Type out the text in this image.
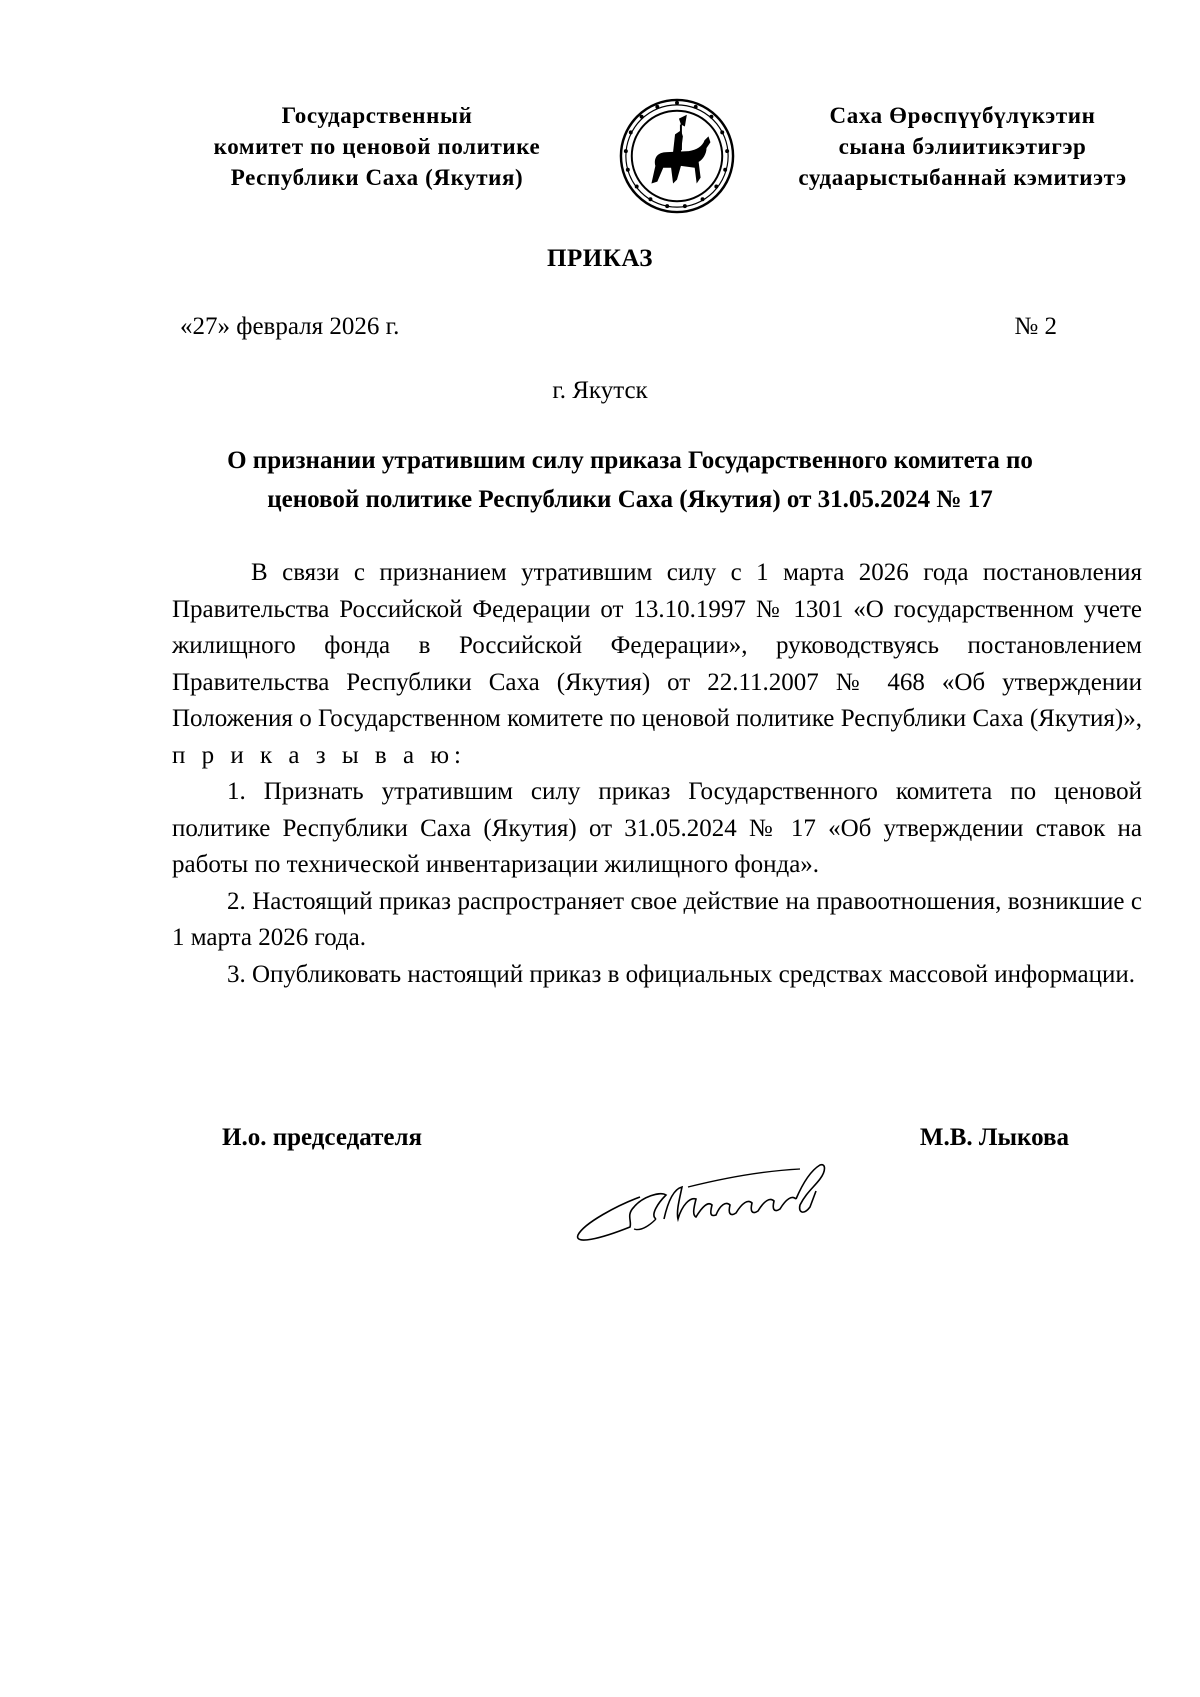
Государственный
комитет по ценовой политике
Республики Саха (Якутия)
Саха Өрөспүүбүлүкэтин
сыана бэлиитикэтигэр
судаарыстыбаннай кэмитиэтэ
ПРИКАЗ
«27» февраля 2026 г.	№ 2
г. Якутск
О признании утратившим силу приказа Государственного комитета по ценовой политике Республики Саха (Якутия) от 31.05.2024 № 17

В связи с признанием утратившим силу с 1 марта 2026 года постановления Правительства Российской Федерации от 13.10.1997 № 1301 «О государственном учете жилищного фонда в Российской Федерации», руководствуясь постановлением Правительства Республики Саха (Якутия) от 22.11.2007 № 468 «Об утверждении Положения о Государственном комитете по ценовой политике Республики Саха (Якутия)», п р и к а з ы в а ю:

1. Признать утратившим силу приказ Государственного комитета по ценовой политике Республики Саха (Якутия) от 31.05.2024 № 17 «Об утверждении ставок на работы по технической инвентаризации жилищного фонда».

2. Настоящий приказ распространяет свое действие на правоотношения, возникшие с 1 марта 2026 года.

3. Опубликовать настоящий приказ в официальных средствах массовой информации.

И.о. председателя	М.В. Лыкова
